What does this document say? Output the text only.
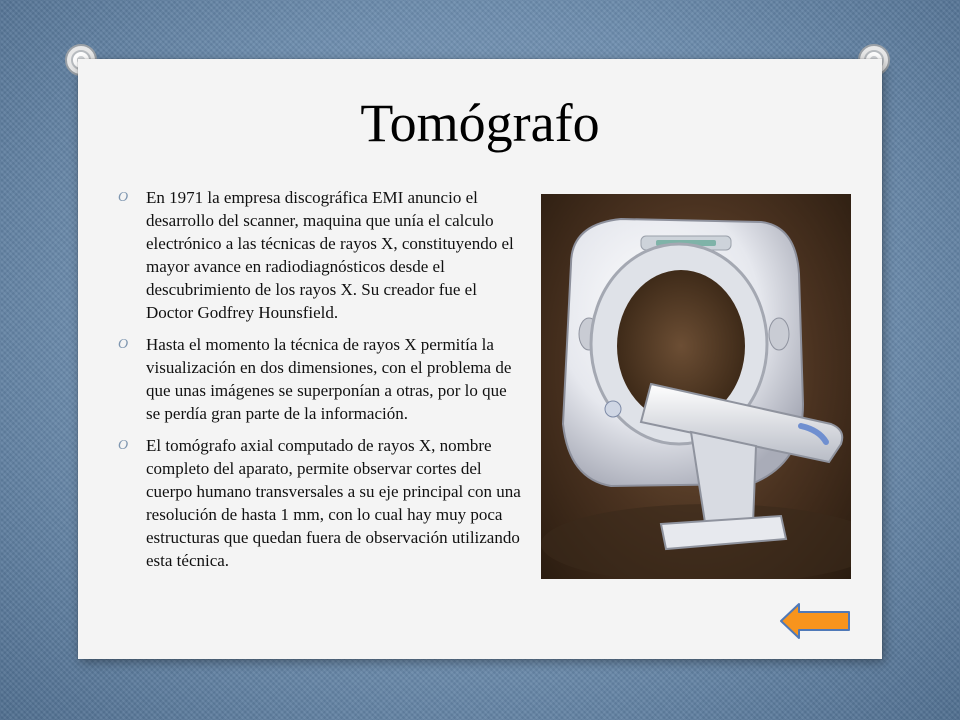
Tomógrafo
O En 1971 la empresa discográfica EMI anuncio el desarrollo del scanner, maquina que unía el calculo electrónico a las técnicas de rayos X, constituyendo el mayor avance en radiodiagnósticos desde el descubrimiento de los rayos X. Su creador fue el Doctor Godfrey Hounsfield.
O Hasta el momento la técnica de rayos X permitía la visualización en dos dimensiones, con el problema de que unas imágenes se superponían a otras, por lo que se perdía gran parte de la información.
O El tomógrafo axial computado de rayos X, nombre completo del aparato, permite observar cortes del cuerpo humano transversales a su eje principal con una resolución de hasta 1 mm, con lo cual hay muy poca estructuras que quedan fuera de observación utilizando esta técnica.
